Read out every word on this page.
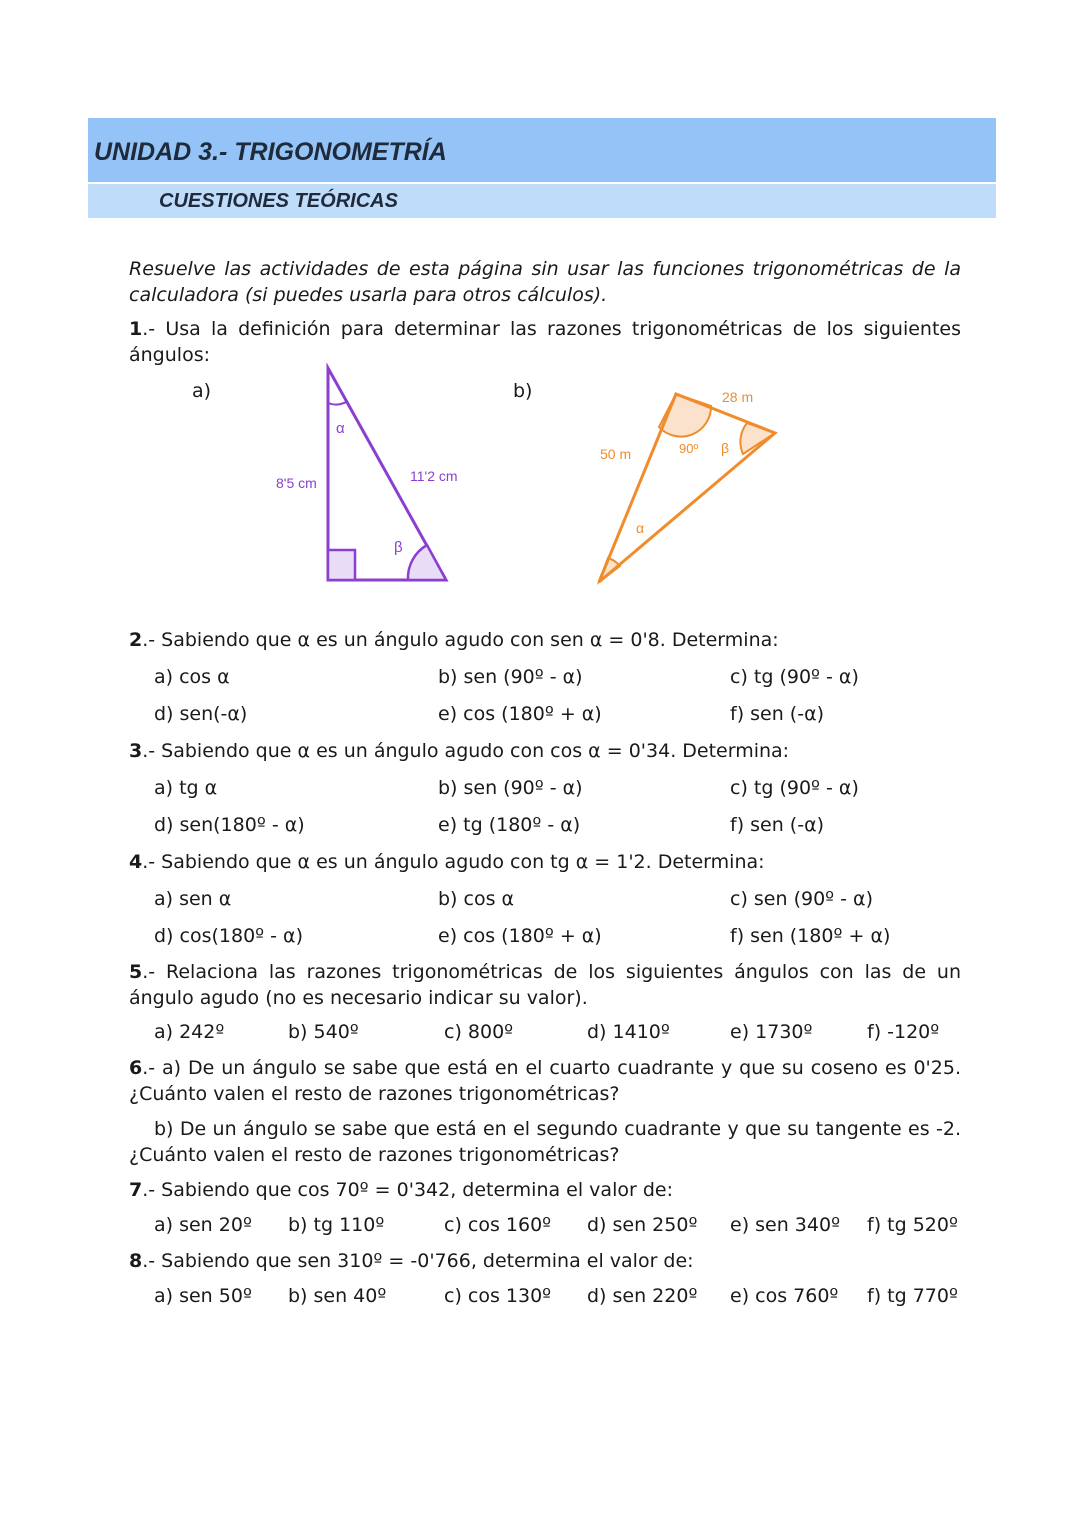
UNIDAD 3.- TRIGONOMETRÍA
CUESTIONES TEÓRICAS
Resuelve las actividades de esta página sin usar las funciones trigonométricas de la calculadora (si puedes usarla para otros cálculos).
1.- Usa la definición para determinar las razones trigonométricas de los siguientes ángulos:
a)	b)
α
β
8'5 cm	11'2 cm
28 m
50 m	90º β
α
2.- Sabiendo que α es un ángulo agudo con sen α = 0'8. Determina:
a) cos α	b) sen (90º - α)	c) tg (90º - α)
d) sen(-α)	e) cos (180º + α)	f) sen (-α)
3.- Sabiendo que α es un ángulo agudo con cos α = 0'34. Determina:
a) tg α	b) sen (90º - α)	c) tg (90º - α)
d) sen(180º - α)	e) tg (180º - α)	f) sen (-α)
4.- Sabiendo que α es un ángulo agudo con tg α = 1'2. Determina:
a) sen α	b) cos α	c) sen (90º - α)
d) cos(180º - α)	e) cos (180º + α)	f) sen (180º + α)
5.- Relaciona las razones trigonométricas de los siguientes ángulos con las de un ángulo agudo (no es necesario indicar su valor).
a) 242º	b) 540º	c) 800º	d) 1410º	e) 1730º	f) -120º
6.- a) De un ángulo se sabe que está en el cuarto cuadrante y que su coseno es 0'25. ¿Cuánto valen el resto de razones trigonométricas?
b) De un ángulo se sabe que está en el segundo cuadrante y que su tangente es -2. ¿Cuánto valen el resto de razones trigonométricas?
7.- Sabiendo que cos 70º = 0'342, determina el valor de:
a) sen 20º b) tg 110º	c) cos 160º d) sen 250º e) sen 340º f) tg 520º
8.- Sabiendo que sen 310º = -0'766, determina el valor de:
a) sen 50º b) sen 40º	c) cos 130º d) sen 220º e) cos 760º f) tg 770º
